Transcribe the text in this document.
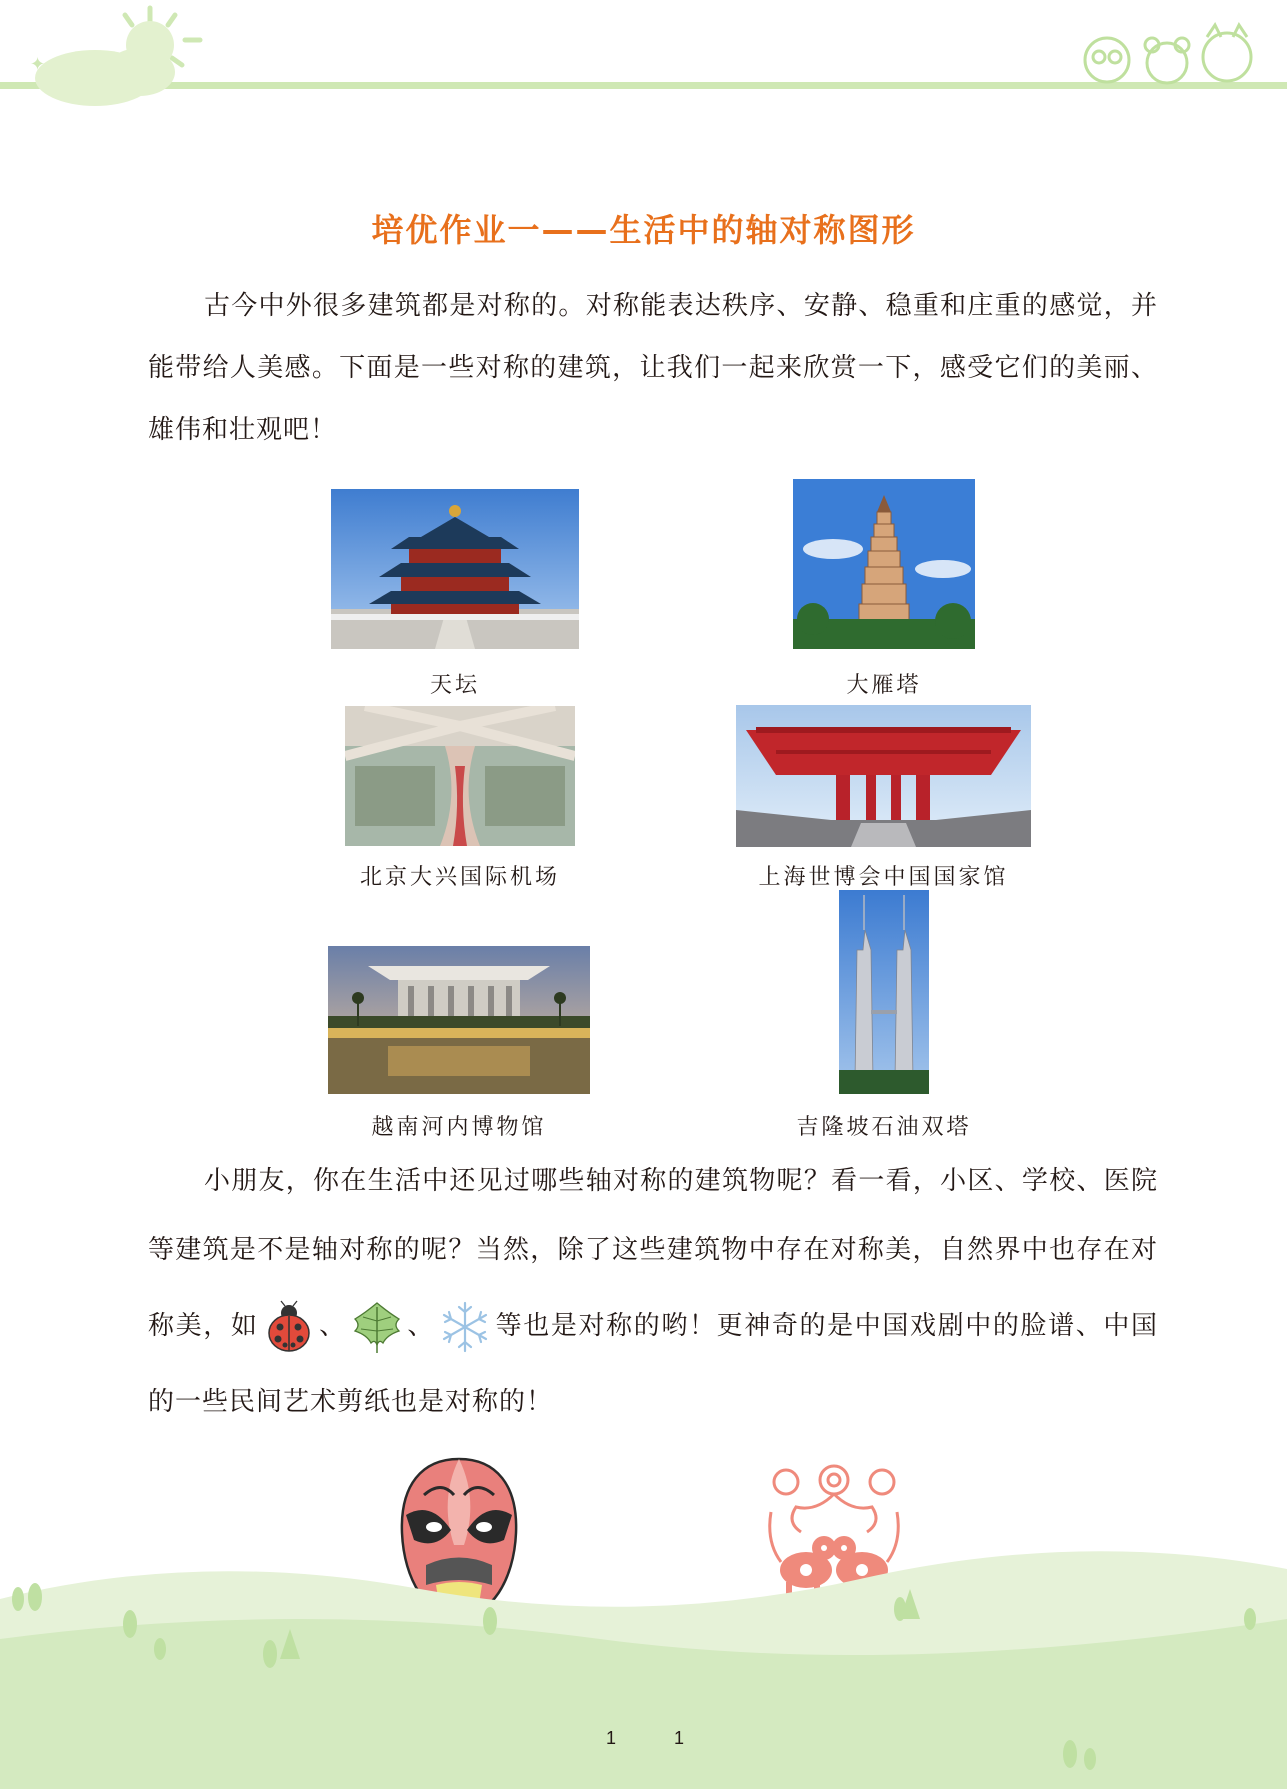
✦
培优作业一——生活中的轴对称图形
古今中外很多建筑都是对称的。对称能表达秩序、安静、稳重和庄重的感觉，并能带给人美感。下面是一些对称的建筑，让我们一起来欣赏一下，感受它们的美丽、雄伟和壮观吧！
天坛	大雁塔
北京大兴国际机场	上海世博会中国国家馆
越南河内博物馆	吉隆坡石油双塔
小朋友，你在生活中还见过哪些轴对称的建筑物呢？看一看，小区、学校、医院等建筑是不是轴对称的呢？当然，除了这些建筑物中存在对称美，自然界中也存在对称美，如 、 、 等也是对称的哟！更神奇的是中国戏剧中的脸谱、中国的一些民间艺术剪纸也是对称的！
1	1
